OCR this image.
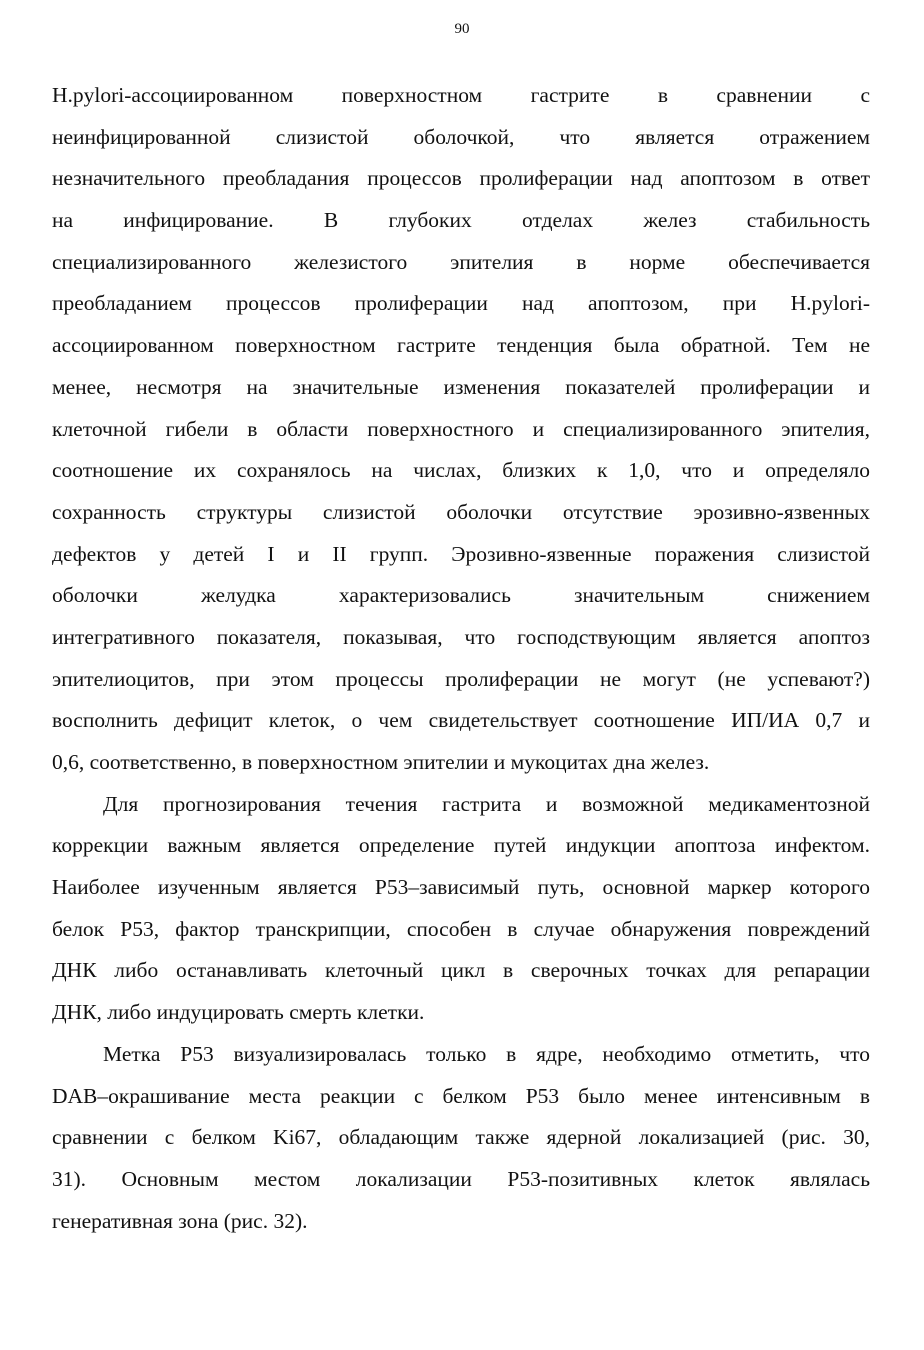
90
H.pylori-ассоциированном поверхностном гастрите в сравнении с
неинфицированной слизистой оболочкой, что является отражением
незначительного преобладания процессов пролиферации над апоптозом в ответ
на инфицирование. В глубоких отделах желез стабильность
специализированного железистого эпителия в норме обеспечивается
преобладанием процессов пролиферации над апоптозом, при H.pylori-
ассоциированном поверхностном гастрите тенденция была обратной. Тем не
менее, несмотря на значительные изменения показателей пролиферации и
клеточной гибели в области поверхностного и специализированного эпителия,
соотношение их сохранялось на числах, близких к 1,0, что и определяло
сохранность структуры слизистой оболочки отсутствие эрозивно-язвенных
дефектов у детей I и II групп. Эрозивно-язвенные поражения слизистой
оболочки желудка характеризовались значительным снижением
интегративного показателя, показывая, что господствующим является апоптоз
эпителиоцитов, при этом процессы пролиферации не могут (не успевают?)
восполнить дефицит клеток, о чем свидетельствует соотношение ИП/ИА 0,7 и
0,6, соответственно, в поверхностном эпителии и мукоцитах дна желез.
Для прогнозирования течения гастрита и возможной медикаментозной
коррекции важным является определение путей индукции апоптоза инфектом.
Наиболее изученным является P53–зависимый путь, основной маркер которого
белок P53, фактор транскрипции, способен в случае обнаружения повреждений
ДНК либо останавливать клеточный цикл в сверочных точках для репарации
ДНК, либо индуцировать смерть клетки.
Метка P53 визуализировалась только в ядре, необходимо отметить, что
DAB–окрашивание места реакции с белком P53 было менее интенсивным в
сравнении с белком Ki67, обладающим также ядерной локализацией (рис. 30,
31). Основным местом локализации P53-позитивных клеток являлась
генеративная зона (рис. 32).
